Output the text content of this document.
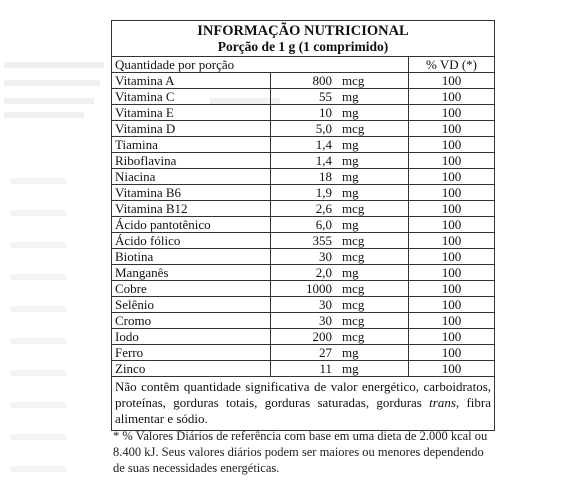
INFORMAÇÃO NUTRICIONAL
Porção de 1 g (1 comprimido)
Quantidade por porção			% VD (*)
Vitamina A	800	mcg	100
Vitamina C	55	mg	100
Vitamina E	10	mg	100
Vitamina D	5,0	mcg	100
Tiamina	1,4	mg	100
Riboflavina	1,4	mg	100
Niacina	18	mg	100
Vitamina B6	1,9	mg	100
Vitamina B12	2,6	mcg	100
Ácido pantotênico	6,0	mg	100
Ácido fólico	355	mcg	100
Biotina	30	mcg	100
Manganês	2,0	mg	100
Cobre	1000	mcg	100
Selênio	30	mcg	100
Cromo	30	mcg	100
Iodo	200	mcg	100
Ferro	27	mg	100
Zinco	11	mg	100
Não contêm quantidade significativa de valor energético, carboidratos, proteínas, gorduras totais, gorduras saturadas, gorduras trans, fibra alimentar e sódio.
* % Valores Diários de referência com base em uma dieta de 2.000 kcal ou 8.400 kJ. Seus valores diários podem ser maiores ou menores dependendo de suas necessidades energéticas.
